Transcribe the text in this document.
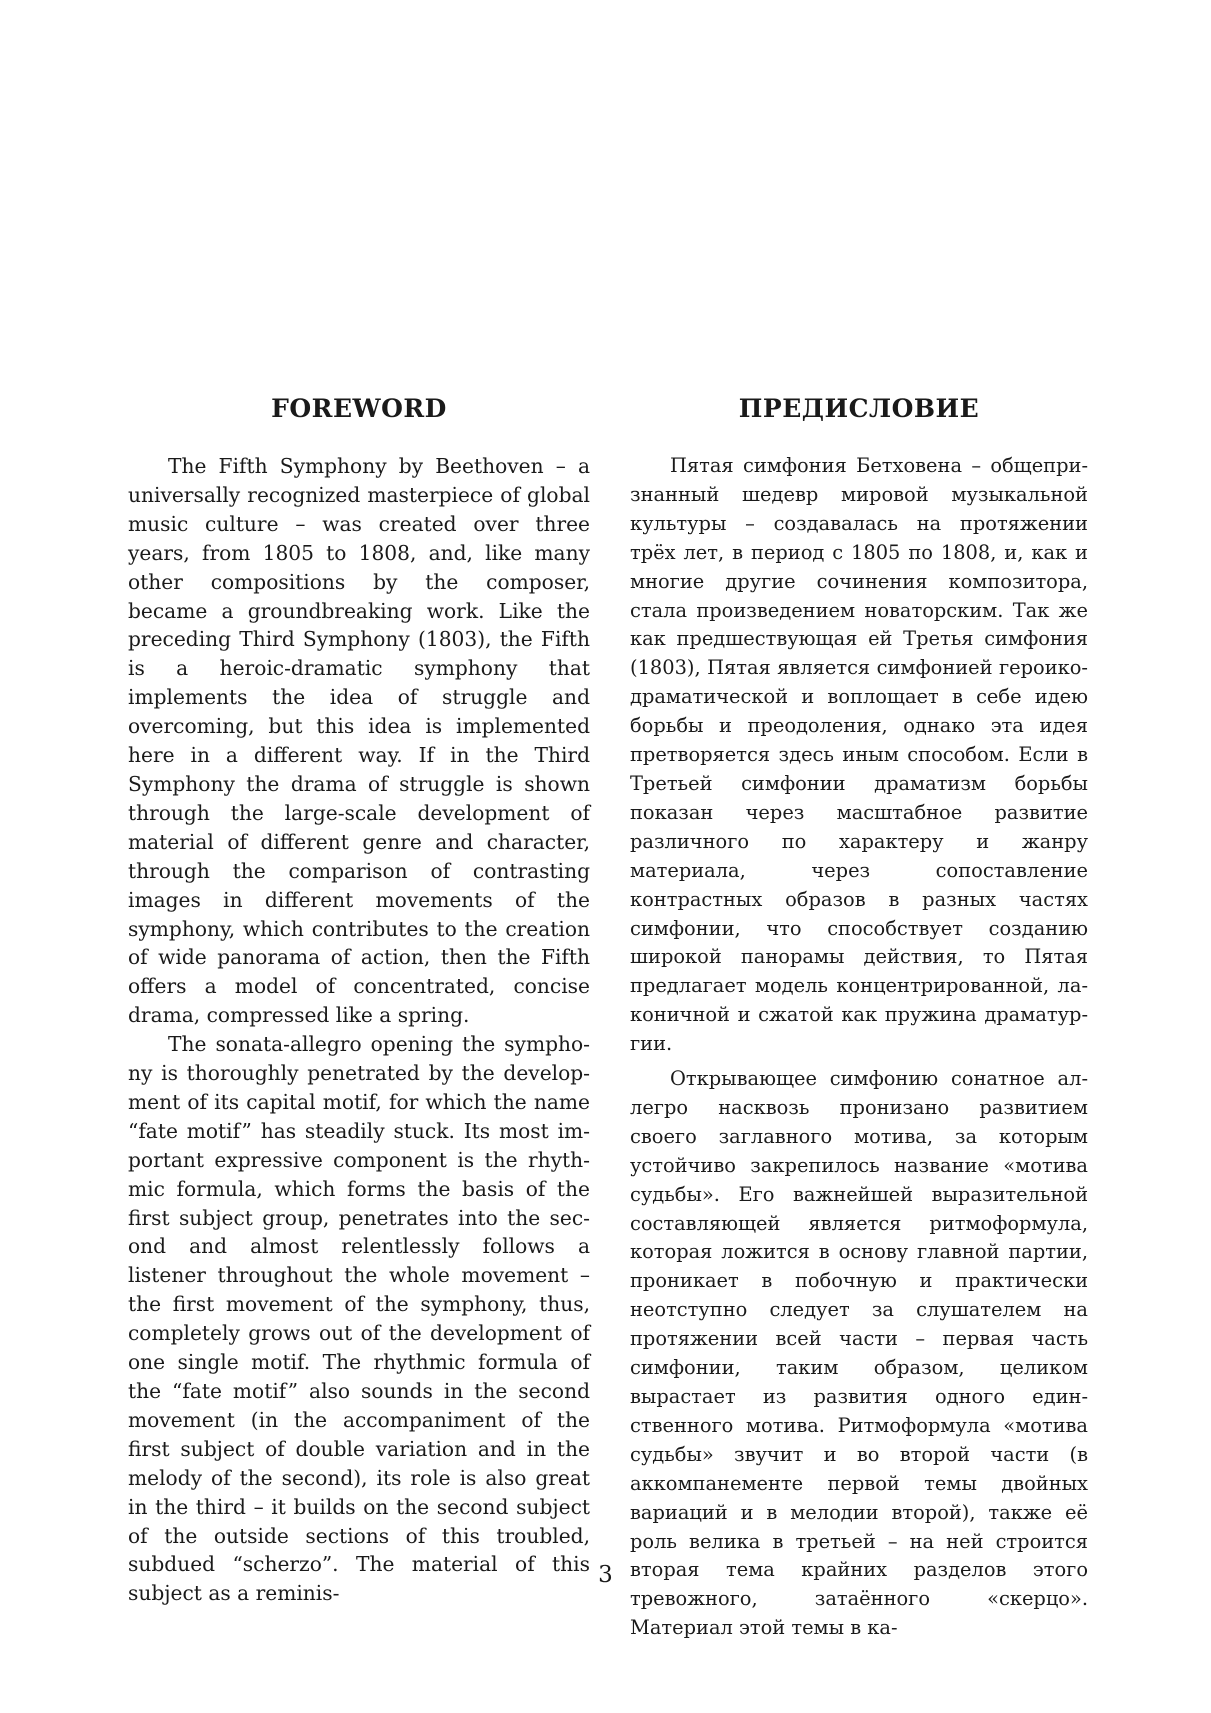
FOREWORD

The Fifth Symphony by Beethoven – a universally recognized masterpiece of global music culture – was created over three years, from 1805 to 1808, and, like many other compositions by the composer, became a groundbreaking work. Like the preceding Third Symphony (1803), the Fifth is a heroic-dramatic symphony that implements the idea of struggle and overcoming, but this idea is implemented here in a different way. If in the Third Symphony the drama of struggle is shown through the large-scale development of material of different genre and character, through the comparison of contrasting images in different movements of the symphony, which contributes to the creation of wide panorama of action, then the Fifth offers a model of concentrated, concise drama, compressed like a spring.

The sonata-allegro opening the symphony is thoroughly penetrated by the development of its capital motif, for which the name “fate motif” has steadily stuck. Its most important expressive component is the rhythmic formula, which forms the basis of the first subject group, penetrates into the second and almost relentlessly follows a listener throughout the whole movement – the first movement of the symphony, thus, completely grows out of the development of one single motif. The rhythmic formula of the “fate motif” also sounds in the second movement (in the accompaniment of the first subject of double variation and in the melody of the second), its role is also great in the third – it builds on the second subject of the outside sections of this troubled, subdued “scherzo”. The material of this subject as a reminis-

ПРЕДИСЛОВИЕ

Пятая симфония Бетховена – общепризнанный шедевр мировой музыкальной культуры – создавалась на протяжении трёх лет, в период с 1805 по 1808, и, как и многие другие сочинения композитора, стала произведением новаторским. Так же как предшествующая ей Третья симфония (1803), Пятая является симфонией героико-драматической и воплощает в себе идею борьбы и преодоления, однако эта идея претворяется здесь иным способом. Если в Третьей симфонии драматизм борьбы показан через масштабное развитие различного по характеру и жанру материала, через сопоставление контрастных образов в разных частях симфонии, что способствует созданию широкой панорамы действия, то Пятая предлагает модель концентрированной, лаконичной и сжатой как пружина драматургии.

Открывающее симфонию сонатное аллегро насквозь пронизано развитием своего заглавного мотива, за которым устойчиво закрепилось название «мотива судьбы». Его важнейшей выразительной составляющей является ритмоформула, которая ложится в основу главной партии, проникает в побочную и практически неотступно следует за слушателем на протяжении всей части – первая часть симфонии, таким образом, целиком вырастает из развития одного единственного мотива. Ритмоформула «мотива судьбы» звучит и во второй части (в аккомпанементе первой темы двойных вариаций и в мелодии второй), также её роль велика в третьей – на ней строится вторая тема крайних разделов этого тревожного, затаённого «скерцо». Материал этой темы в ка-

3
